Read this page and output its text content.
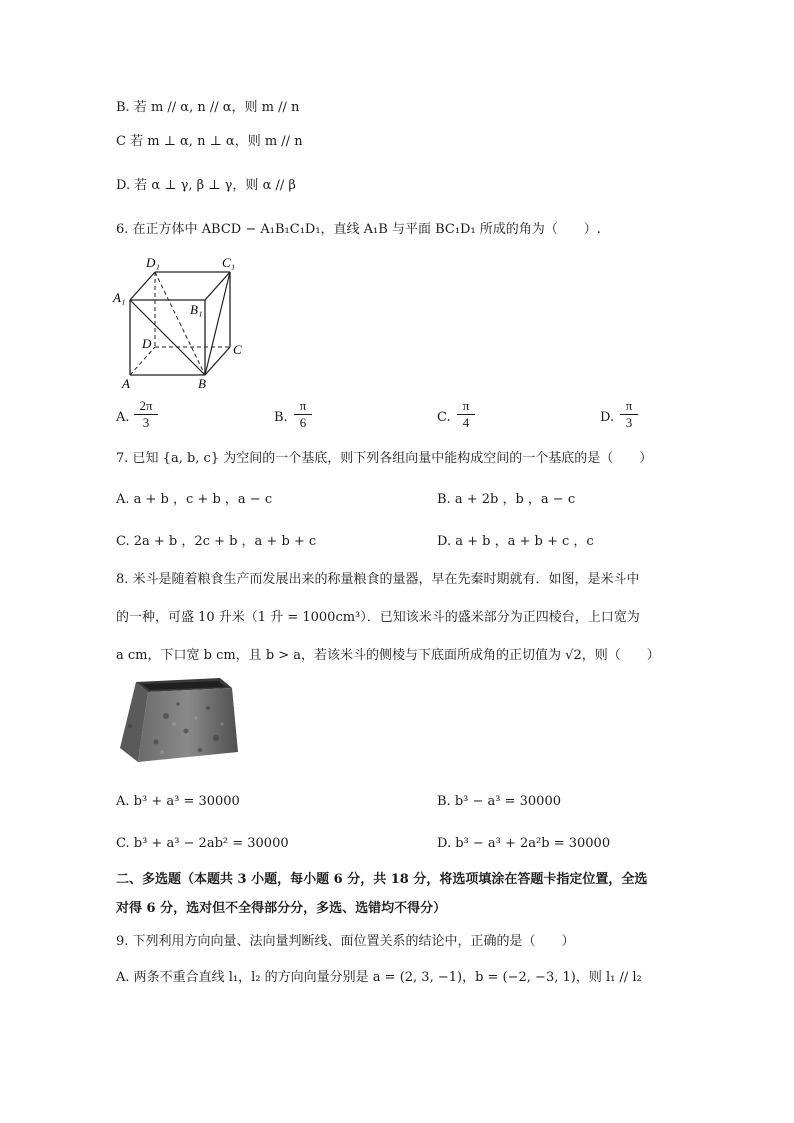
B. 若 m // α, n // α，则 m // n
C 若 m ⊥ α, n ⊥ α，则 m // n
D. 若 α ⊥ γ, β ⊥ γ，则 α // β
6. 在正方体中 ABCD − A₁B₁C₁D₁，直线 A₁B 与平面 BC₁D₁ 所成的角为（　　）.
D₁	C₁
A₁
B₁
D	C
A	B
A. $\frac{2\pi}{3}$	B. $\frac{\pi}{6}$	C. $\frac{\pi}{4}$	D. $\frac{\pi}{3}$
7. 已知 {a, b, c} 为空间的一个基底，则下列各组向量中能构成空间的一个基底的是（　　）
A. a + b ，c + b ，a − c	B. a + 2b ，b ，a − c
C. 2a + b ，2c + b ，a + b + c	D. a + b ，a + b + c ，c
8. 米斗是随着粮食生产而发展出来的称量粮食的量器，早在先秦时期就有．如图，是米斗中
的一种，可盛 10 升米（1 升 = 1000cm³）．已知该米斗的盛米部分为正四棱台，上口宽为
a cm，下口宽 b cm，且 b > a，若该米斗的侧棱与下底面所成角的正切值为 √2，则（　　）
A. b³ + a³ = 30000	B. b³ − a³ = 30000
C. b³ + a³ − 2ab² = 30000	D. b³ − a³ + 2a²b = 30000
二、多选题（本题共 3 小题，每小题 6 分，共 18 分，将选项填涂在答题卡指定位置，全选
对得 6 分，选对但不全得部分分，多选、选错均不得分）
9. 下列利用方向向量、法向量判断线、面位置关系的结论中，正确的是（　　）
A. 两条不重合直线 l₁，l₂ 的方向向量分别是 a = (2, 3, −1)，b = (−2, −3, 1)，则 l₁ // l₂
